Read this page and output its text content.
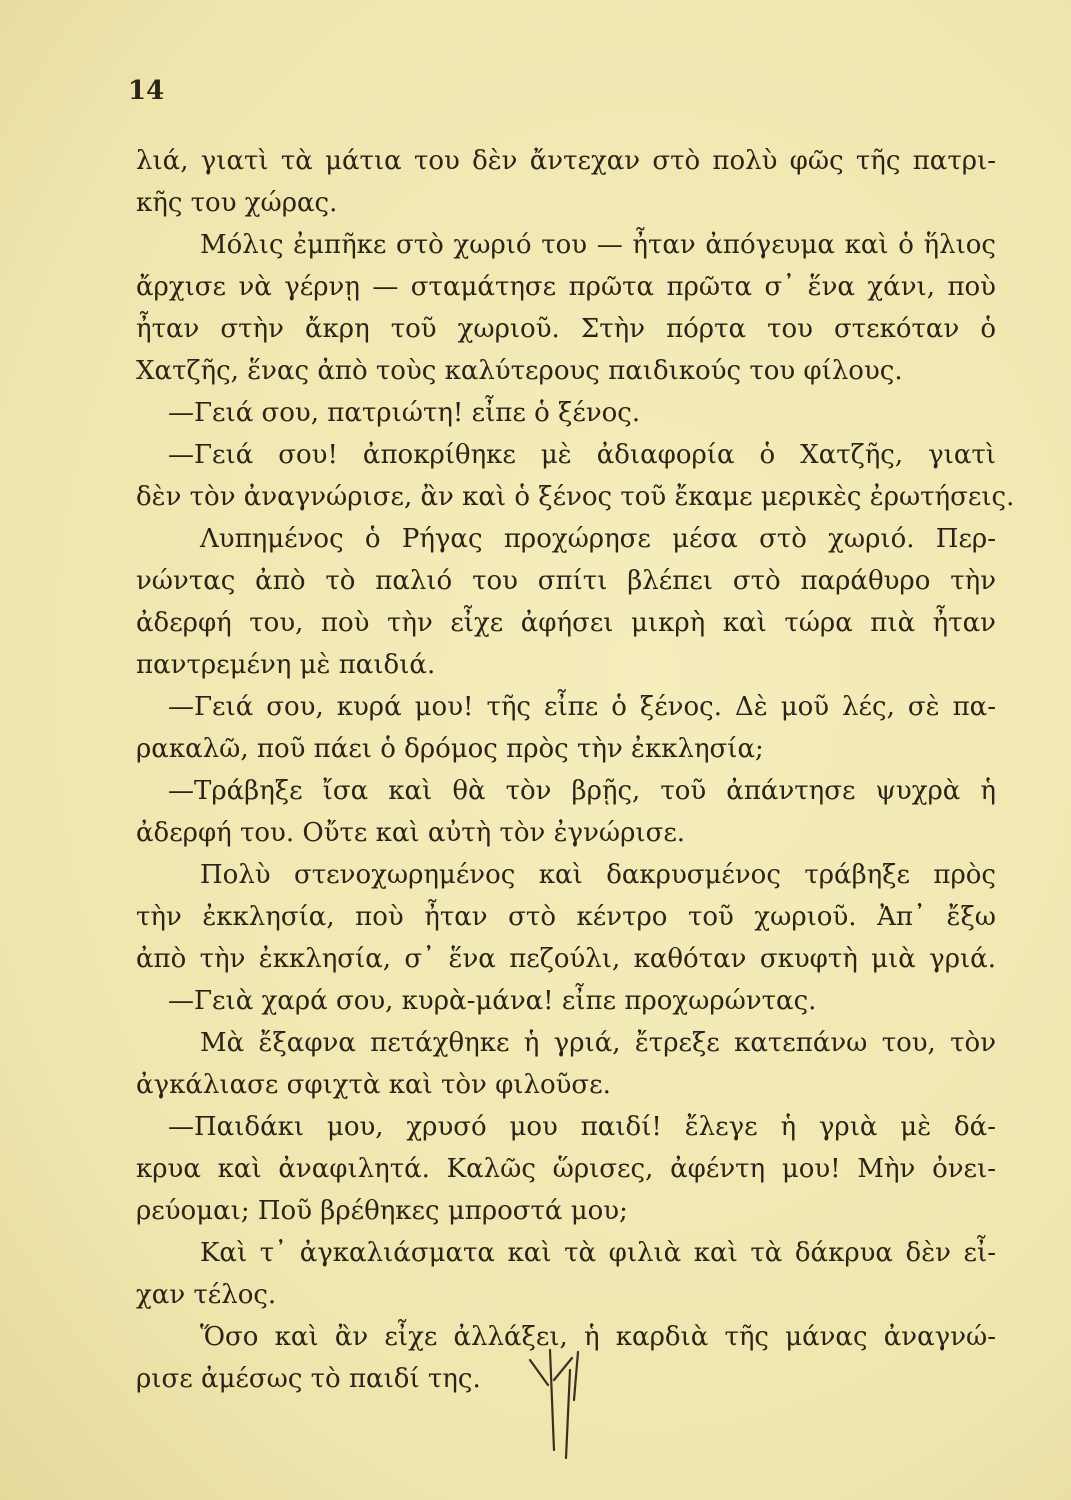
14
λιά, γιατὶ τὰ μάτια του δὲν ἄντεχαν στὸ πολὺ φῶς τῆς πατρι-
κῆς του χώρας.
Μόλις ἐμπῆκε στὸ χωριό του — ἦταν ἀπόγευμα καὶ ὁ ἥλιος
ἄρχισε νὰ γέρνῃ — σταμάτησε πρῶτα πρῶτα σ᾽ ἕνα χάνι, ποὺ
ἦταν στὴν ἄκρη τοῦ χωριοῦ. Στὴν πόρτα του στεκόταν ὁ
Χατζῆς, ἕνας ἀπὸ τοὺς καλύτερους παιδικούς του φίλους.
—Γειά σου, πατριώτη! εἶπε ὁ ξένος.
—Γειά σου! ἀποκρίθηκε μὲ ἀδιαφορία ὁ Χατζῆς, γιατὶ
δὲν τὸν ἀναγνώρισε, ἂν καὶ ὁ ξένος τοῦ ἔκαμε μερικὲς ἐρωτήσεις.
Λυπημένος ὁ Ρήγας προχώρησε μέσα στὸ χωριό. Περ-
νώντας ἀπὸ τὸ παλιό του σπίτι βλέπει στὸ παράθυρο τὴν
ἀδερφή του, ποὺ τὴν εἶχε ἀφήσει μικρὴ καὶ τώρα πιὰ ἦταν
παντρεμένη μὲ παιδιά.
—Γειά σου, κυρά μου! τῆς εἶπε ὁ ξένος. Δὲ μοῦ λές, σὲ πα-
ρακαλῶ, ποῦ πάει ὁ δρόμος πρὸς τὴν ἐκκλησία;
—Τράβηξε ἴσα καὶ θὰ τὸν βρῇς, τοῦ ἀπάντησε ψυχρὰ ἡ
ἀδερφή του. Οὔτε καὶ αὐτὴ τὸν ἐγνώρισε.
Πολὺ στενοχωρημένος καὶ δακρυσμένος τράβηξε πρὸς
τὴν ἐκκλησία, ποὺ ἦταν στὸ κέντρο τοῦ χωριοῦ. Ἀπ᾽ ἔξω
ἀπὸ τὴν ἐκκλησία, σ᾽ ἕνα πεζούλι, καθόταν σκυφτὴ μιὰ γριά.
—Γειὰ χαρά σου, κυρὰ-μάνα! εἶπε προχωρώντας.
Μὰ ἔξαφνα πετάχθηκε ἡ γριά, ἔτρεξε κατεπάνω του, τὸν
ἀγκάλιασε σφιχτὰ καὶ τὸν φιλοῦσε.
—Παιδάκι μου, χρυσό μου παιδί! ἔλεγε ἡ γριὰ μὲ δά-
κρυα καὶ ἀναφιλητά. Καλῶς ὥρισες, ἀφέντη μου! Μὴν ὀνει-
ρεύομαι; Ποῦ βρέθηκες μπροστά μου;
Καὶ τ᾽ ἀγκαλιάσματα καὶ τὰ φιλιὰ καὶ τὰ δάκρυα δὲν εἶ-
χαν τέλος.
Ὅσο καὶ ἂν εἶχε ἀλλάξει, ἡ καρδιὰ τῆς μάνας ἀναγνώ-
ρισε ἀμέσως τὸ παιδί της.
